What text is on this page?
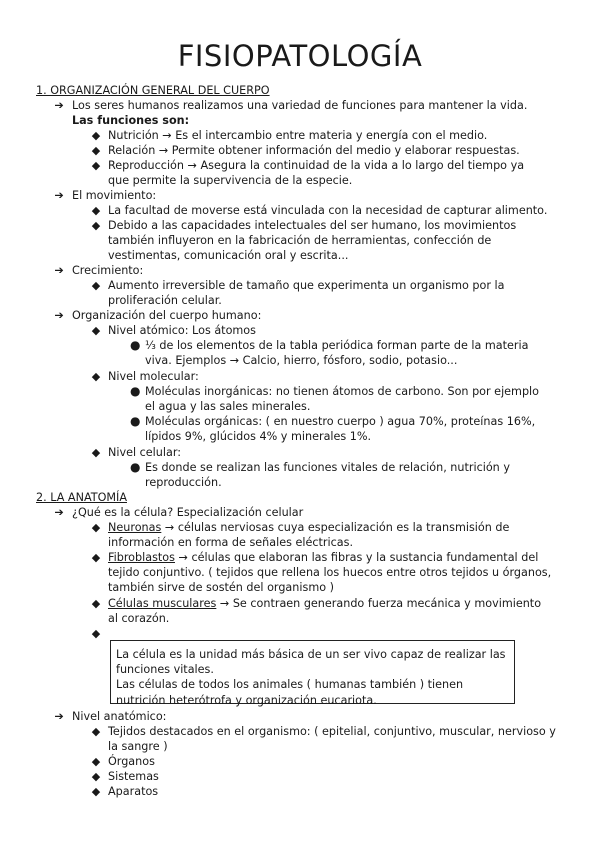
FISIOPATOLOGÍA
1. ORGANIZACIÓN GENERAL DEL CUERPO
➔ Los seres humanos realizamos una variedad de funciones para mantener la vida.
Las funciones son:
◆ Nutrición → Es el intercambio entre materia y energía con el medio.
◆ Relación → Permite obtener información del medio y elaborar respuestas.
◆ Reproducción → Asegura la continuidad de la vida a lo largo del tiempo ya
que permite la supervivencia de la especie.
➔ El movimiento:
◆ La facultad de moverse está vinculada con la necesidad de capturar alimento.
◆ Debido a las capacidades intelectuales del ser humano, los movimientos
también influyeron en la fabricación de herramientas, confección de
vestimentas, comunicación oral y escrita...
➔ Crecimiento:
◆ Aumento irreversible de tamaño que experimenta un organismo por la
proliferación celular.
➔ Organización del cuerpo humano:
◆ Nivel atómico: Los átomos
● ⅓ de los elementos de la tabla periódica forman parte de la materia
viva. Ejemplos → Calcio, hierro, fósforo, sodio, potasio...
◆ Nivel molecular:
● Moléculas inorgánicas: no tienen átomos de carbono. Son por ejemplo
el agua y las sales minerales.
● Moléculas orgánicas: ( en nuestro cuerpo ) agua 70%, proteínas 16%,
lípidos 9%, glúcidos 4% y minerales 1%.
◆ Nivel celular:
● Es donde se realizan las funciones vitales de relación, nutrición y
reproducción.
2. LA ANATOMÍA
➔ ¿Qué es la célula? Especialización celular
◆ Neuronas → células nerviosas cuya especialización es la transmisión de
información en forma de señales eléctricas.
◆ Fibroblastos → células que elaboran las fibras y la sustancia fundamental del
tejido conjuntivo. ( tejidos que rellena los huecos entre otros tejidos u órganos,
también sirve de sostén del organismo )
◆ Células musculares → Se contraen generando fuerza mecánica y movimiento
al corazón.
◆
La célula es la unidad más básica de un ser vivo capaz de realizar las
funciones vitales.
Las células de todos los animales ( humanas también ) tienen
nutrición heterótrofa y organización eucariota.
➔ Nivel anatómico:
◆ Tejidos destacados en el organismo: ( epitelial, conjuntivo, muscular, nervioso y
la sangre )
◆ Órganos
◆ Sistemas
◆ Aparatos
